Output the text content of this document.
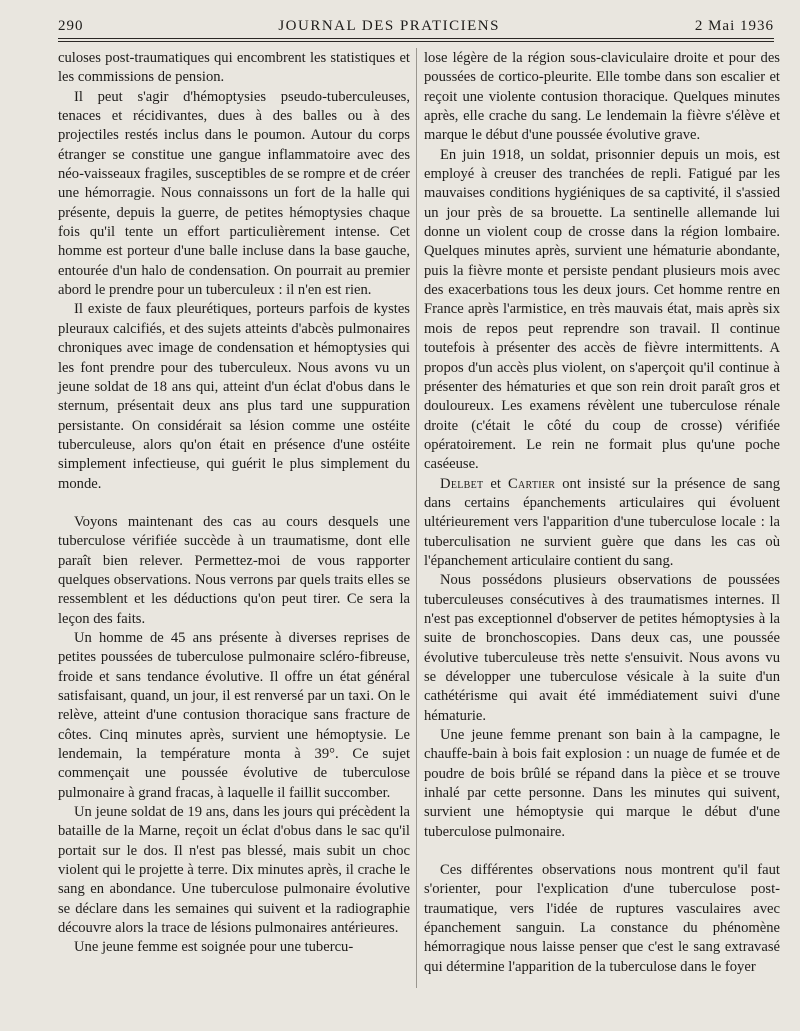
290	JOURNAL DES PRATICIENS	2 Mai 1936

culoses post-traumatiques qui encombrent les statistiques et les commissions de pension.

Il peut s'agir d'hémoptysies pseudo-tuberculeuses, tenaces et récidivantes, dues à des balles ou à des projectiles restés inclus dans le poumon. Autour du corps étranger se constitue une gangue inflammatoire avec des néo-vaisseaux fragiles, susceptibles de se rompre et de créer une hémorragie. Nous connaissons un fort de la halle qui présente, depuis la guerre, de petites hémoptysies chaque fois qu'il tente un effort particulièrement intense. Cet homme est porteur d'une balle incluse dans la base gauche, entourée d'un halo de condensation. On pourrait au premier abord le prendre pour un tuberculeux : il n'en est rien.

Il existe de faux pleurétiques, porteurs parfois de kystes pleuraux calcifiés, et des sujets atteints d'abcès pulmonaires chroniques avec image de condensation et hémoptysies qui les font prendre pour des tuberculeux. Nous avons vu un jeune soldat de 18 ans qui, atteint d'un éclat d'obus dans le sternum, présentait deux ans plus tard une suppuration persistante. On considérait sa lésion comme une ostéite tuberculeuse, alors qu'on était en présence d'une ostéite simplement infectieuse, qui guérit le plus simplement du monde.

Voyons maintenant des cas au cours desquels une tuberculose vérifiée succède à un traumatisme, dont elle paraît bien relever. Permettez-moi de vous rapporter quelques observations. Nous verrons par quels traits elles se ressemblent et les déductions qu'on peut tirer. Ce sera la leçon des faits.

Un homme de 45 ans présente à diverses reprises de petites poussées de tuberculose pulmonaire scléro-fibreuse, froide et sans tendance évolutive. Il offre un état général satisfaisant, quand, un jour, il est renversé par un taxi. On le relève, atteint d'une contusion thoracique sans fracture de côtes. Cinq minutes après, survient une hémoptysie. Le lendemain, la température monta à 39°. Ce sujet commençait une poussée évolutive de tuberculose pulmonaire à grand fracas, à laquelle il faillit succomber.

Un jeune soldat de 19 ans, dans les jours qui précèdent la bataille de la Marne, reçoit un éclat d'obus dans le sac qu'il portait sur le dos. Il n'est pas blessé, mais subit un choc violent qui le projette à terre. Dix minutes après, il crache le sang en abondance. Une tuberculose pulmonaire évolutive se déclare dans les semaines qui suivent et la radiographie découvre alors la trace de lésions pulmonaires antérieures.

Une jeune femme est soignée pour une tubercu-

lose légère de la région sous-claviculaire droite et pour des poussées de cortico-pleurite. Elle tombe dans son escalier et reçoit une violente contusion thoracique. Quelques minutes après, elle crache du sang. Le lendemain la fièvre s'élève et marque le début d'une poussée évolutive grave.

En juin 1918, un soldat, prisonnier depuis un mois, est employé à creuser des tranchées de repli. Fatigué par les mauvaises conditions hygiéniques de sa captivité, il s'assied un jour près de sa brouette. La sentinelle allemande lui donne un violent coup de crosse dans la région lombaire. Quelques minutes après, survient une hématurie abondante, puis la fièvre monte et persiste pendant plusieurs mois avec des exacerbations tous les deux jours. Cet homme rentre en France après l'armistice, en très mauvais état, mais après six mois de repos peut reprendre son travail. Il continue toutefois à présenter des accès de fièvre intermittents. A propos d'un accès plus violent, on s'aperçoit qu'il continue à présenter des hématuries et que son rein droit paraît gros et douloureux. Les examens révèlent une tuberculose rénale droite (c'était le côté du coup de crosse) vérifiée opératoirement. Le rein ne formait plus qu'une poche caséeuse.

Delbet et Cartier ont insisté sur la présence de sang dans certains épanchements articulaires qui évoluent ultérieurement vers l'apparition d'une tuberculose locale : la tuberculisation ne survient guère que dans les cas où l'épanchement articulaire contient du sang.

Nous possédons plusieurs observations de poussées tuberculeuses consécutives à des traumatismes internes. Il n'est pas exceptionnel d'observer de petites hémoptysies à la suite de bronchoscopies. Dans deux cas, une poussée évolutive tuberculeuse très nette s'ensuivit. Nous avons vu se développer une tuberculose vésicale à la suite d'un cathétérisme qui avait été immédiatement suivi d'une hématurie.

Une jeune femme prenant son bain à la campagne, le chauffe-bain à bois fait explosion : un nuage de fumée et de poudre de bois brûlé se répand dans la pièce et se trouve inhalé par cette personne. Dans les minutes qui suivent, survient une hémoptysie qui marque le début d'une tuberculose pulmonaire.

Ces différentes observations nous montrent qu'il faut s'orienter, pour l'explication d'une tuberculose post-traumatique, vers l'idée de ruptures vasculaires avec épanchement sanguin. La constance du phénomène hémorragique nous laisse penser que c'est le sang extravasé qui détermine l'apparition de la tuberculose dans le foyer
